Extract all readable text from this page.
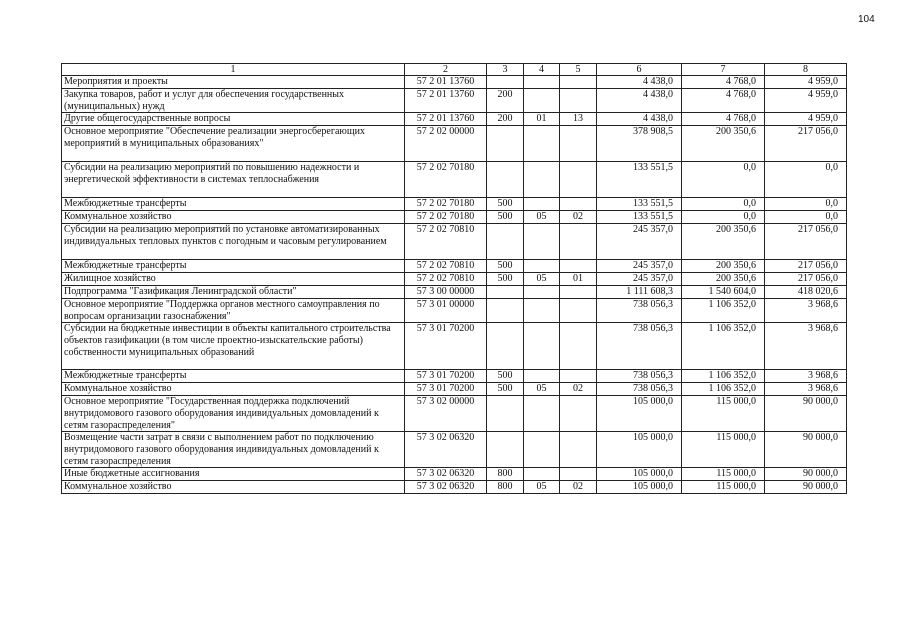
104
1	2	3	4	5	6	7	8
Мероприятия и проекты	57 2 01 13760				4 438,0	4 768,0	4 959,0
Закупка товаров, работ и услуг для обеспечения государственных (муниципальных) нужд	57 2 01 13760	200			4 438,0	4 768,0	4 959,0
Другие общегосударственные вопросы	57 2 01 13760	200	01	13	4 438,0	4 768,0	4 959,0
Основное мероприятие "Обеспечение реализации энергосберегающих мероприятий в муниципальных образованиях"	57 2 02 00000				378 908,5	200 350,6	217 056,0
Субсидии на реализацию мероприятий по повышению надежности и энергетической эффективности в системах теплоснабжения	57 2 02 70180				133 551,5	0,0	0,0
Межбюджетные трансферты	57 2 02 70180	500			133 551,5	0,0	0,0
Коммунальное хозяйство	57 2 02 70180	500	05	02	133 551,5	0,0	0,0
Субсидии на реализацию мероприятий по установке автоматизированных индивидуальных тепловых пунктов с погодным и часовым регулированием	57 2 02 70810				245 357,0	200 350,6	217 056,0
Межбюджетные трансферты	57 2 02 70810	500			245 357,0	200 350,6	217 056,0
Жилищное хозяйство	57 2 02 70810	500	05	01	245 357,0	200 350,6	217 056,0
Подпрограмма "Газификация Ленинградской области"	57 3 00 00000				1 111 608,3	1 540 604,0	418 020,6
Основное мероприятие "Поддержка органов местного самоуправления по вопросам организации газоснабжения"	57 3 01 00000				738 056,3	1 106 352,0	3 968,6
Субсидии на бюджетные инвестиции в объекты капитального строительства объектов газификации (в том числе проектно-изыскательские работы) собственности муниципальных образований	57 3 01 70200				738 056,3	1 106 352,0	3 968,6
Межбюджетные трансферты	57 3 01 70200	500			738 056,3	1 106 352,0	3 968,6
Коммунальное хозяйство	57 3 01 70200	500	05	02	738 056,3	1 106 352,0	3 968,6
Основное мероприятие "Государственная поддержка подключений внутридомового газового оборудования индивидуальных домовладений к сетям газораспределения"	57 3 02 00000				105 000,0	115 000,0	90 000,0
Возмещение части затрат в связи с выполнением работ по подключению внутридомового газового оборудования индивидуальных домовладений к сетям газораспределения	57 3 02 06320				105 000,0	115 000,0	90 000,0
Иные бюджетные ассигнования	57 3 02 06320	800			105 000,0	115 000,0	90 000,0
Коммунальное хозяйство	57 3 02 06320	800	05	02	105 000,0	115 000,0	90 000,0
